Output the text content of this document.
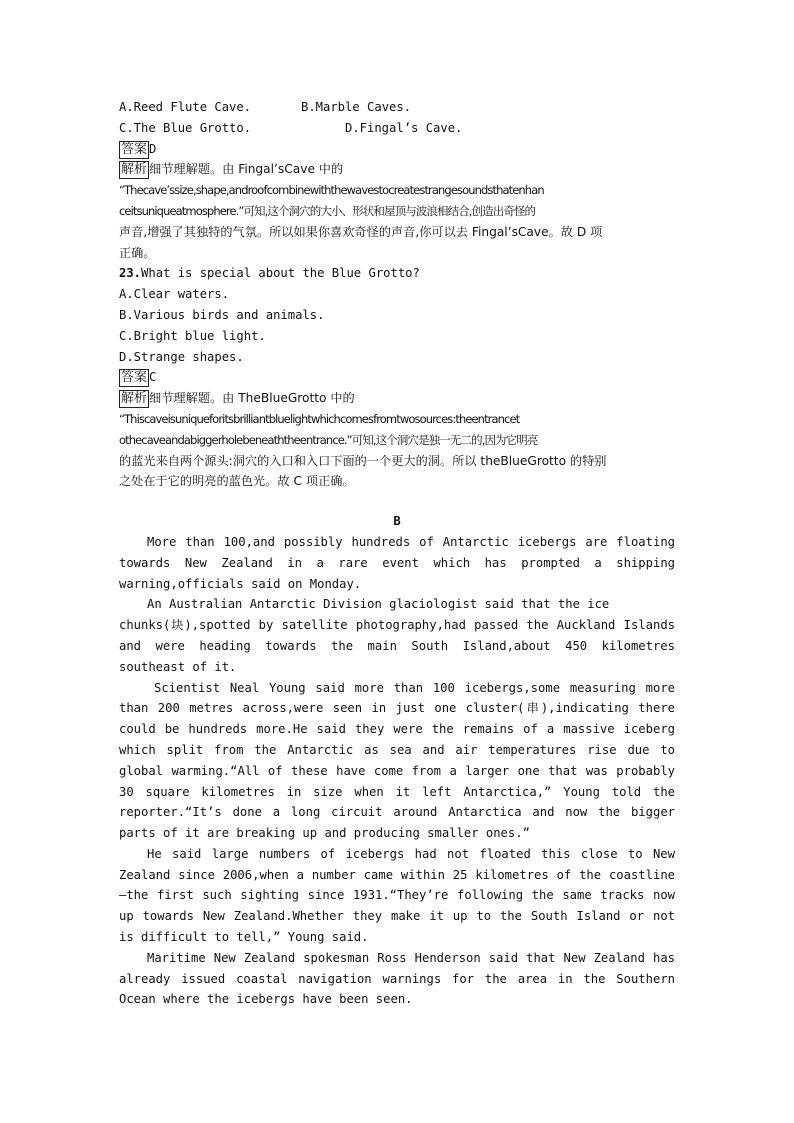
A.Reed Flute Cave.	B.Marble Caves.
C.The Blue Grotto.	D.Fingal’s Cave.
答案 D
解析 细节理解题。由 Fingal’sCave 中的
“Thecave’ssize,shape,androofcombinewiththewavestocreatestrangesoundsthatenhan
ceitsuniqueatmosphere.”可知,这个洞穴的大小、形状和屋顶与波浪相结合,创造出奇怪的
声音,增强了其独特的气氛。所以如果你喜欢奇怪的声音,你可以去 Fingal’sCave。故 D 项
正确。
23.What is special about the Blue Grotto?
A.Clear waters.
B.Various birds and animals.
C.Bright blue light.
D.Strange shapes.
答案 C
解析 细节理解题。由 TheBlueGrotto 中的
“Thiscaveisuniqueforitsbrilliantbluelightwhichcomesfromtwosources:theentrancet
othecaveandabiggerholebeneaththeentrance.”可知,这个洞穴是独一无二的,因为它明亮
的蓝光来自两个源头:洞穴的入口和入口下面的一个更大的洞。所以 theBlueGrotto 的特别
之处在于它的明亮的蓝色光。故 C 项正确。
B
More than 100,and possibly hundreds of Antarctic icebergs are floating towards New Zealand in a rare event which has prompted a shipping warning,officials said on Monday.
An Australian Antarctic Division glaciologist said that the ice
chunks(块),spotted by satellite photography,had passed the Auckland Islands and were heading towards the main South Island,about 450 kilometres southeast of it.
Scientist Neal Young said more than 100 icebergs,some measuring more than 200 metres across,were seen in just one cluster(串),indicating there could be hundreds more.He said they were the remains of a massive iceberg which split from the Antarctic as sea and air temperatures rise due to global warming.“All of these have come from a larger one that was probably 30 square kilometres in size when it left Antarctica,” Young told the reporter.“It’s done a long circuit around Antarctica and now the bigger parts of it are breaking up and producing smaller ones.”
He said large numbers of icebergs had not floated this close to New Zealand since 2006,when a number came within 25 kilometres of the coastline—the first such sighting since 1931.“They’re following the same tracks now up towards New Zealand.Whether they make it up to the South Island or not is difficult to tell,” Young said.
Maritime New Zealand spokesman Ross Henderson said that New Zealand has already issued coastal navigation warnings for the area in the Southern Ocean where the icebergs have been seen.
